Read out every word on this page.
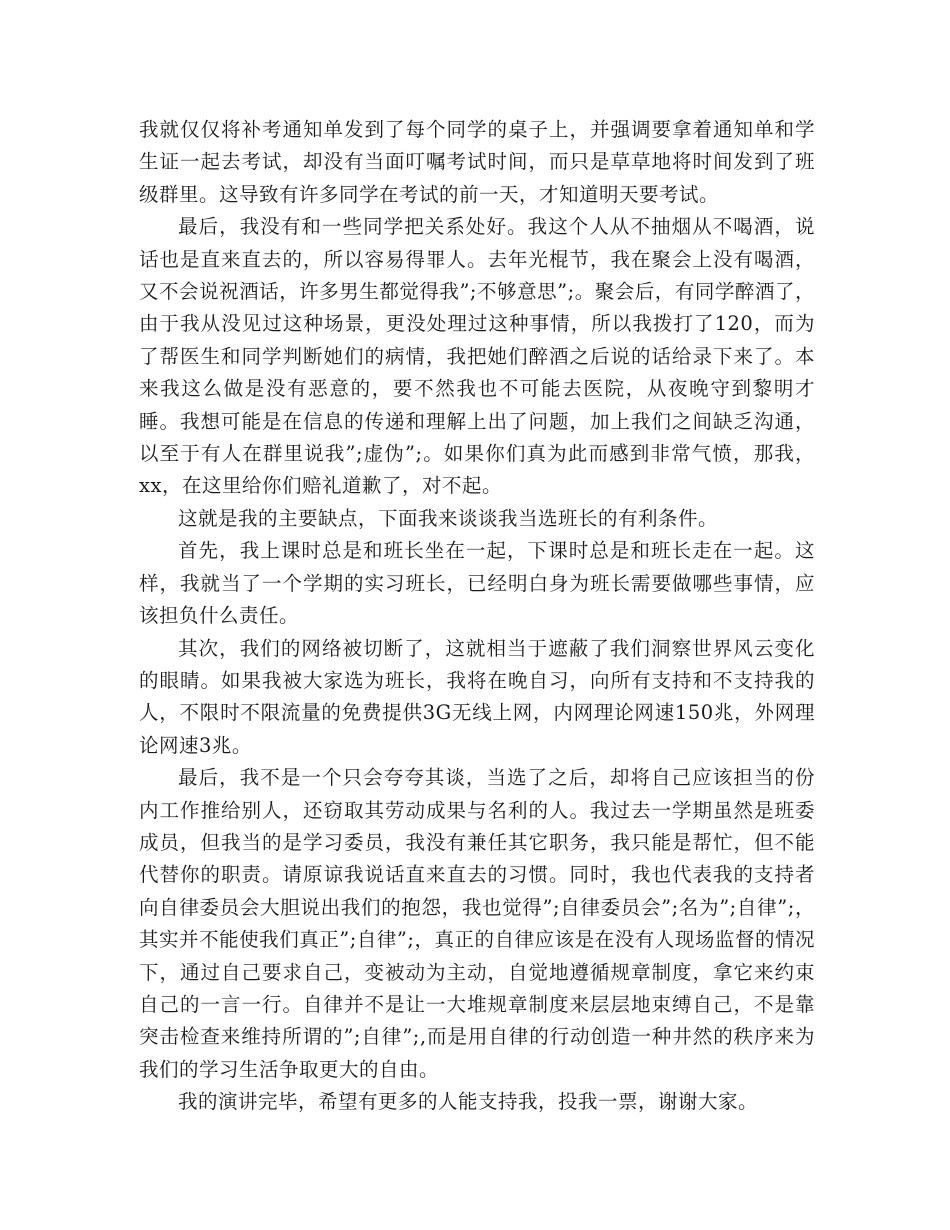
我就仅仅将补考通知单发到了每个同学的桌子上，并强调要拿着通知单和学生证一起去考试，却没有当面叮嘱考试时间，而只是草草地将时间发到了班级群里。这导致有许多同学在考试的前一天，才知道明天要考试。

最后，我没有和一些同学把关系处好。我这个人从不抽烟从不喝酒，说话也是直来直去的，所以容易得罪人。去年光棍节，我在聚会上没有喝酒，又不会说祝酒话，许多男生都觉得我”;不够意思”;。聚会后，有同学醉酒了，由于我从没见过这种场景，更没处理过这种事情，所以我拨打了120，而为了帮医生和同学判断她们的病情，我把她们醉酒之后说的话给录下来了。本来我这么做是没有恶意的，要不然我也不可能去医院，从夜晚守到黎明才睡。我想可能是在信息的传递和理解上出了问题，加上我们之间缺乏沟通，以至于有人在群里说我”;虚伪”;。如果你们真为此而感到非常气愤，那我，xx，在这里给你们赔礼道歉了，对不起。

这就是我的主要缺点，下面我来谈谈我当选班长的有利条件。

首先，我上课时总是和班长坐在一起，下课时总是和班长走在一起。这样，我就当了一个学期的实习班长，已经明白身为班长需要做哪些事情，应该担负什么责任。

其次，我们的网络被切断了，这就相当于遮蔽了我们洞察世界风云变化的眼睛。如果我被大家选为班长，我将在晚自习，向所有支持和不支持我的人，不限时不限流量的免费提供3G无线上网，内网理论网速150兆，外网理论网速3兆。

最后，我不是一个只会夸夸其谈，当选了之后，却将自己应该担当的份内工作推给别人，还窃取其劳动成果与名利的人。我过去一学期虽然是班委成员，但我当的是学习委员，我没有兼任其它职务，我只能是帮忙，但不能代替你的职责。请原谅我说话直来直去的习惯。同时，我也代表我的支持者向自律委员会大胆说出我们的抱怨，我也觉得”;自律委员会”;名为”;自律”;，其实并不能使我们真正”;自律”;，真正的自律应该是在没有人现场监督的情况下，通过自己要求自己，变被动为主动，自觉地遵循规章制度，拿它来约束自己的一言一行。自律并不是让一大堆规章制度来层层地束缚自己，不是靠突击检查来维持所谓的”;自律”;,而是用自律的行动创造一种井然的秩序来为我们的学习生活争取更大的自由。

我的演讲完毕，希望有更多的人能支持我，投我一票，谢谢大家。
